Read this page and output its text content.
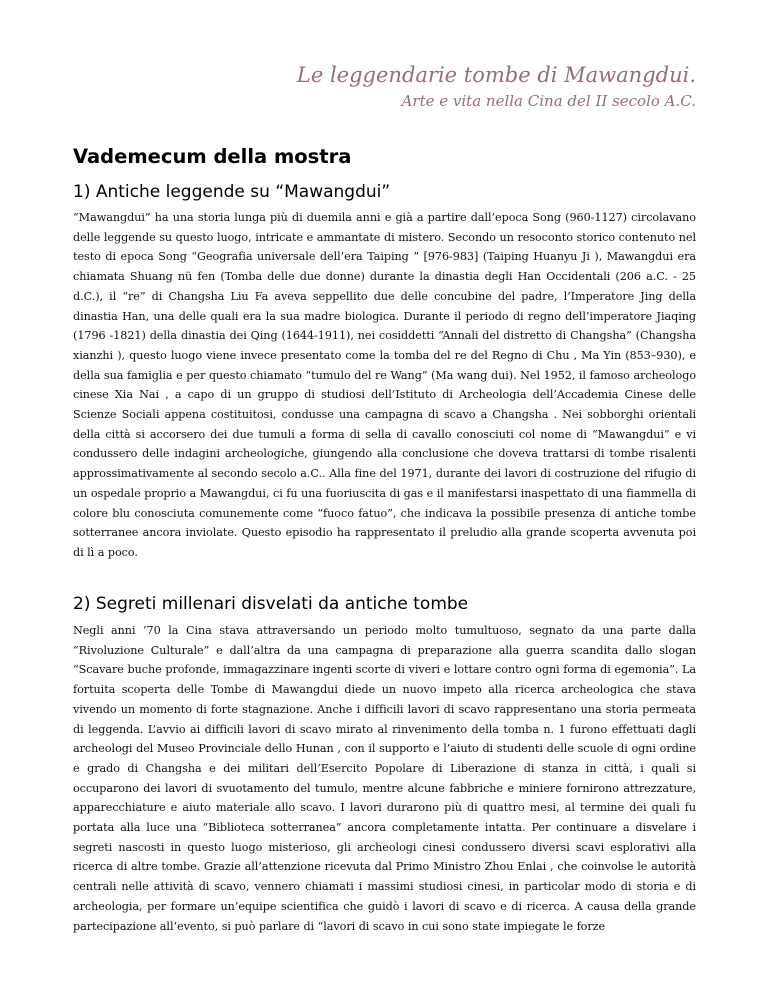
Le leggendarie tombe di Mawangdui.
Arte e vita nella Cina del II secolo A.C.
Vademecum della mostra
1) Antiche leggende su “Mawangdui”
“Mawangdui” ha una storia lunga più di duemila anni e già a partire dall’epoca Song (960-1127) circolavano delle leggende su questo luogo, intricate e ammantate di mistero. Secondo un resoconto storico contenuto nel testo di epoca Song “Geografia universale dell’era Taiping ” [976-983] (Taiping Huanyu Ji ), Mawangdui era chiamata Shuang nü fen (Tomba delle due donne) durante la dinastia degli Han Occidentali (206 a.C. - 25 d.C.), il “re” di Changsha Liu Fa aveva seppellito due delle concubine del padre, l’Imperatore Jing della dinastia Han, una delle quali era la sua madre biologica. Durante il periodo di regno dell’imperatore Jiaqing (1796 -1821) della dinastia dei Qing (1644-1911), nei cosiddetti “Annali del distretto di Changsha” (Changsha xianzhi ), questo luogo viene invece presentato come la tomba del re del Regno di Chu , Ma Yin (853–930), e della sua famiglia e per questo chiamato “tumulo del re Wang” (Ma wang dui). Nel 1952, il famoso archeologo cinese Xia Nai , a capo di un gruppo di studiosi dell’Istituto di Archeologia dell’Accademia Cinese delle Scienze Sociali appena costituitosi, condusse una campagna di scavo a Changsha . Nei sobborghi orientali della città si accorsero dei due tumuli a forma di sella di cavallo conosciuti col nome di “Mawangdui” e vi condussero delle indagini archeologiche, giungendo alla conclusione che doveva trattarsi di tombe risalenti approssimativamente al secondo secolo a.C.. Alla fine del 1971, durante dei lavori di costruzione del rifugio di un ospedale proprio a Mawangdui, ci fu una fuoriuscita di gas e il manifestarsi inaspettato di una fiammella di colore blu conosciuta comunemente come “fuoco fatuo”, che indicava la possibile presenza di antiche tombe sotterranee ancora inviolate. Questo episodio ha rappresentato il preludio alla grande scoperta avvenuta poi di lì a poco.
2) Segreti millenari disvelati da antiche tombe
Negli anni ’70 la Cina stava attraversando un periodo molto tumultuoso, segnato da una parte dalla “Rivoluzione Culturale” e dall’altra da una campagna di preparazione alla guerra scandita dallo slogan “Scavare buche profonde, immagazzinare ingenti scorte di viveri e lottare contro ogni forma di egemonia”. La fortuita scoperta delle Tombe di Mawangdui diede un nuovo impeto alla ricerca archeologica che stava vivendo un momento di forte stagnazione. Anche i difficili lavori di scavo rappresentano una storia permeata di leggenda. L’avvio ai difficili lavori di scavo mirato al rinvenimento della tomba n. 1 furono effettuati dagli archeologi del Museo Provinciale dello Hunan , con il supporto e l’aiuto di studenti delle scuole di ogni ordine e grado di Changsha e dei militari dell’Esercito Popolare di Liberazione di stanza in città, i quali si occuparono dei lavori di svuotamento del tumulo, mentre alcune fabbriche e miniere fornirono attrezzature, apparecchiature e aiuto materiale allo scavo. I lavori durarono più di quattro mesi, al termine dei quali fu portata alla luce una “Biblioteca sotterranea” ancora completamente intatta. Per continuare a disvelare i segreti nascosti in questo luogo misterioso, gli archeologi cinesi condussero diversi scavi esplorativi alla ricerca di altre tombe. Grazie all’attenzione ricevuta dal Primo Ministro Zhou Enlai , che coinvolse le autorità centrali nelle attività di scavo, vennero chiamati i massimi studiosi cinesi, in particolar modo di storia e di archeologia, per formare un’equipe scientifica che guidò i lavori di scavo e di ricerca. A causa della grande partecipazione all’evento, si può parlare di “lavori di scavo in cui sono state impiegate le forze
